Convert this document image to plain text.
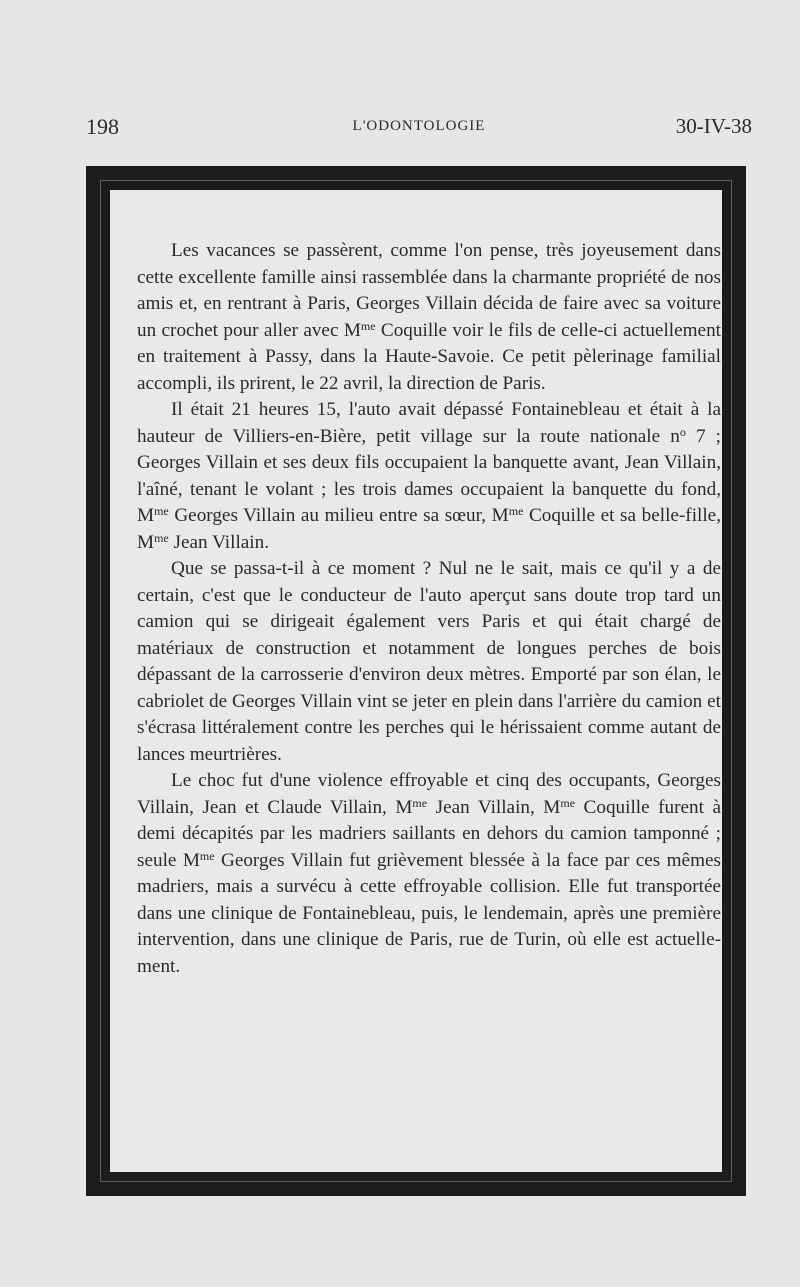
198	L'ODONTOLOGIE	30-IV-38

Les vacances se passèrent, comme l'on pense, très joyeusement dans cette excellente famille ainsi rassemblée dans la charmante propriété de nos amis et, en rentrant à Paris, Georges Villain décida de faire avec sa voiture un crochet pour aller avec $M^{me}$ Coquille voir le fils de celle-ci actuellement en traitement à Passy, dans la Haute-Savoie. Ce petit pèlerinage familial accompli, ils prirent, le 22 avril, la direction de Paris.

Il était 21 heures 15, l'auto avait dépassé Fontainebleau et était à la hauteur de Villiers-en-Bière, petit village sur la route nationale $n^o$ 7 ; Georges Villain et ses deux fils occupaient la banquette avant, Jean Villain, l'aîné, tenant le volant ; les trois dames occupaient la banquette du fond, $M^{me}$ Georges Villain au milieu entre sa sœur, $M^{me}$ Coquille et sa belle-fille, $M^{me}$ Jean Villain.

Que se passa-t-il à ce moment ? Nul ne le sait, mais ce qu'il y a de certain, c'est que le conducteur de l'auto aperçut sans doute trop tard un camion qui se dirigeait également vers Paris et qui était chargé de matériaux de construction et notamment de longues perches de bois dépassant de la carrosserie d'environ deux mètres. Emporté par son élan, le cabriolet de Georges Villain vint se jeter en plein dans l'arrière du camion et s'écrasa littéralement contre les perches qui le hérissaient comme autant de lances meurtrières.

Le choc fut d'une violence effroyable et cinq des occupants, Georges Villain, Jean et Claude Villain, $M^{me}$ Jean Villain, $M^{me}$ Coquille furent à demi décapités par les madriers saillants en dehors du camion tamponné ; seule $M^{me}$ Georges Villain fut grièvement blessée à la face par ces mêmes madriers, mais a survécu à cette effroyable collision. Elle fut transportée dans une clinique de Fontainebleau, puis, le lendemain, après une première intervention, dans une clinique de Paris, rue de Turin, où elle est actuellement.
